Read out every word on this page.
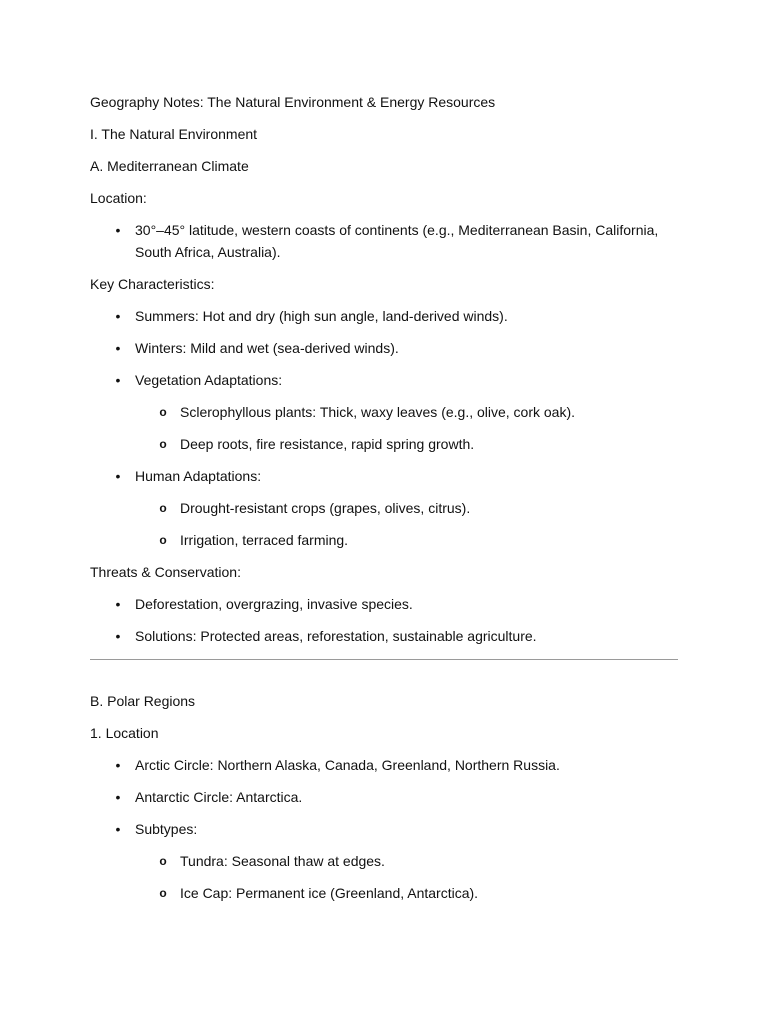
Geography Notes: The Natural Environment & Energy Resources
I. The Natural Environment
A. Mediterranean Climate
Location:
• 30°–45° latitude, western coasts of continents (e.g., Mediterranean Basin, California, South Africa, Australia).
Key Characteristics:
• Summers: Hot and dry (high sun angle, land-derived winds).
• Winters: Mild and wet (sea-derived winds).
• Vegetation Adaptations:
o Sclerophyllous plants: Thick, waxy leaves (e.g., olive, cork oak).
o Deep roots, fire resistance, rapid spring growth.
• Human Adaptations:
o Drought-resistant crops (grapes, olives, citrus).
o Irrigation, terraced farming.
Threats & Conservation:
• Deforestation, overgrazing, invasive species.
• Solutions: Protected areas, reforestation, sustainable agriculture.
B. Polar Regions
1. Location
• Arctic Circle: Northern Alaska, Canada, Greenland, Northern Russia.
• Antarctic Circle: Antarctica.
• Subtypes:
o Tundra: Seasonal thaw at edges.
o Ice Cap: Permanent ice (Greenland, Antarctica).
